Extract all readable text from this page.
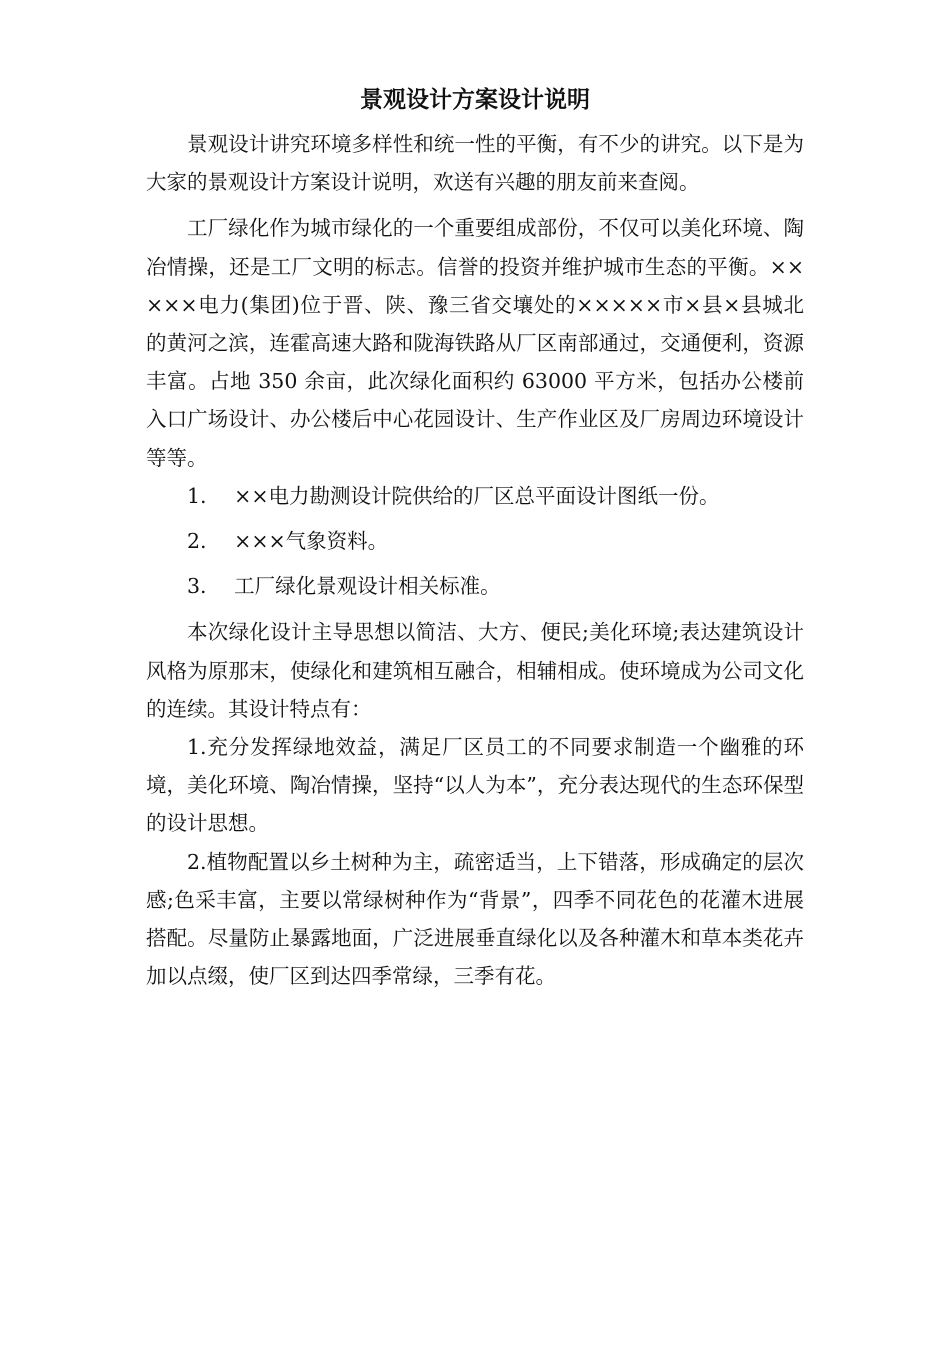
景观设计方案设计说明

景观设计讲究环境多样性和统一性的平衡，有不少的讲究。以下是为大家的景观设计方案设计说明，欢送有兴趣的朋友前来查阅。

工厂绿化作为城市绿化的一个重要组成部份，不仅可以美化环境、陶冶情操，还是工厂文明的标志。信誉的投资并维护城市生态的平衡。×××××电力(集团)位于晋、陕、豫三省交壤处的×××××市×县×县城北的黄河之滨，连霍高速大路和陇海铁路从厂区南部通过，交通便利，资源丰富。占地 350 余亩，此次绿化面积约 63000 平方米，包括办公楼前入口广场设计、办公楼后中心花园设计、生产作业区及厂房周边环境设计等等。

1. ××电力勘测设计院供给的厂区总平面设计图纸一份。

2. ×××气象资料。

3. 工厂绿化景观设计相关标准。

本次绿化设计主导思想以简洁、大方、便民;美化环境;表达建筑设计风格为原那末，使绿化和建筑相互融合，相辅相成。使环境成为公司文化的连续。其设计特点有：

1.充分发挥绿地效益，满足厂区员工的不同要求制造一个幽雅的环境，美化环境、陶冶情操，坚持“以人为本”，充分表达现代的生态环保型的设计思想。

2.植物配置以乡土树种为主，疏密适当，上下错落，形成确定的层次感;色采丰富，主要以常绿树种作为“背景”，四季不同花色的花灌木进展搭配。尽量防止暴露地面，广泛进展垂直绿化以及各种灌木和草本类花卉加以点缀，使厂区到达四季常绿，三季有花。
